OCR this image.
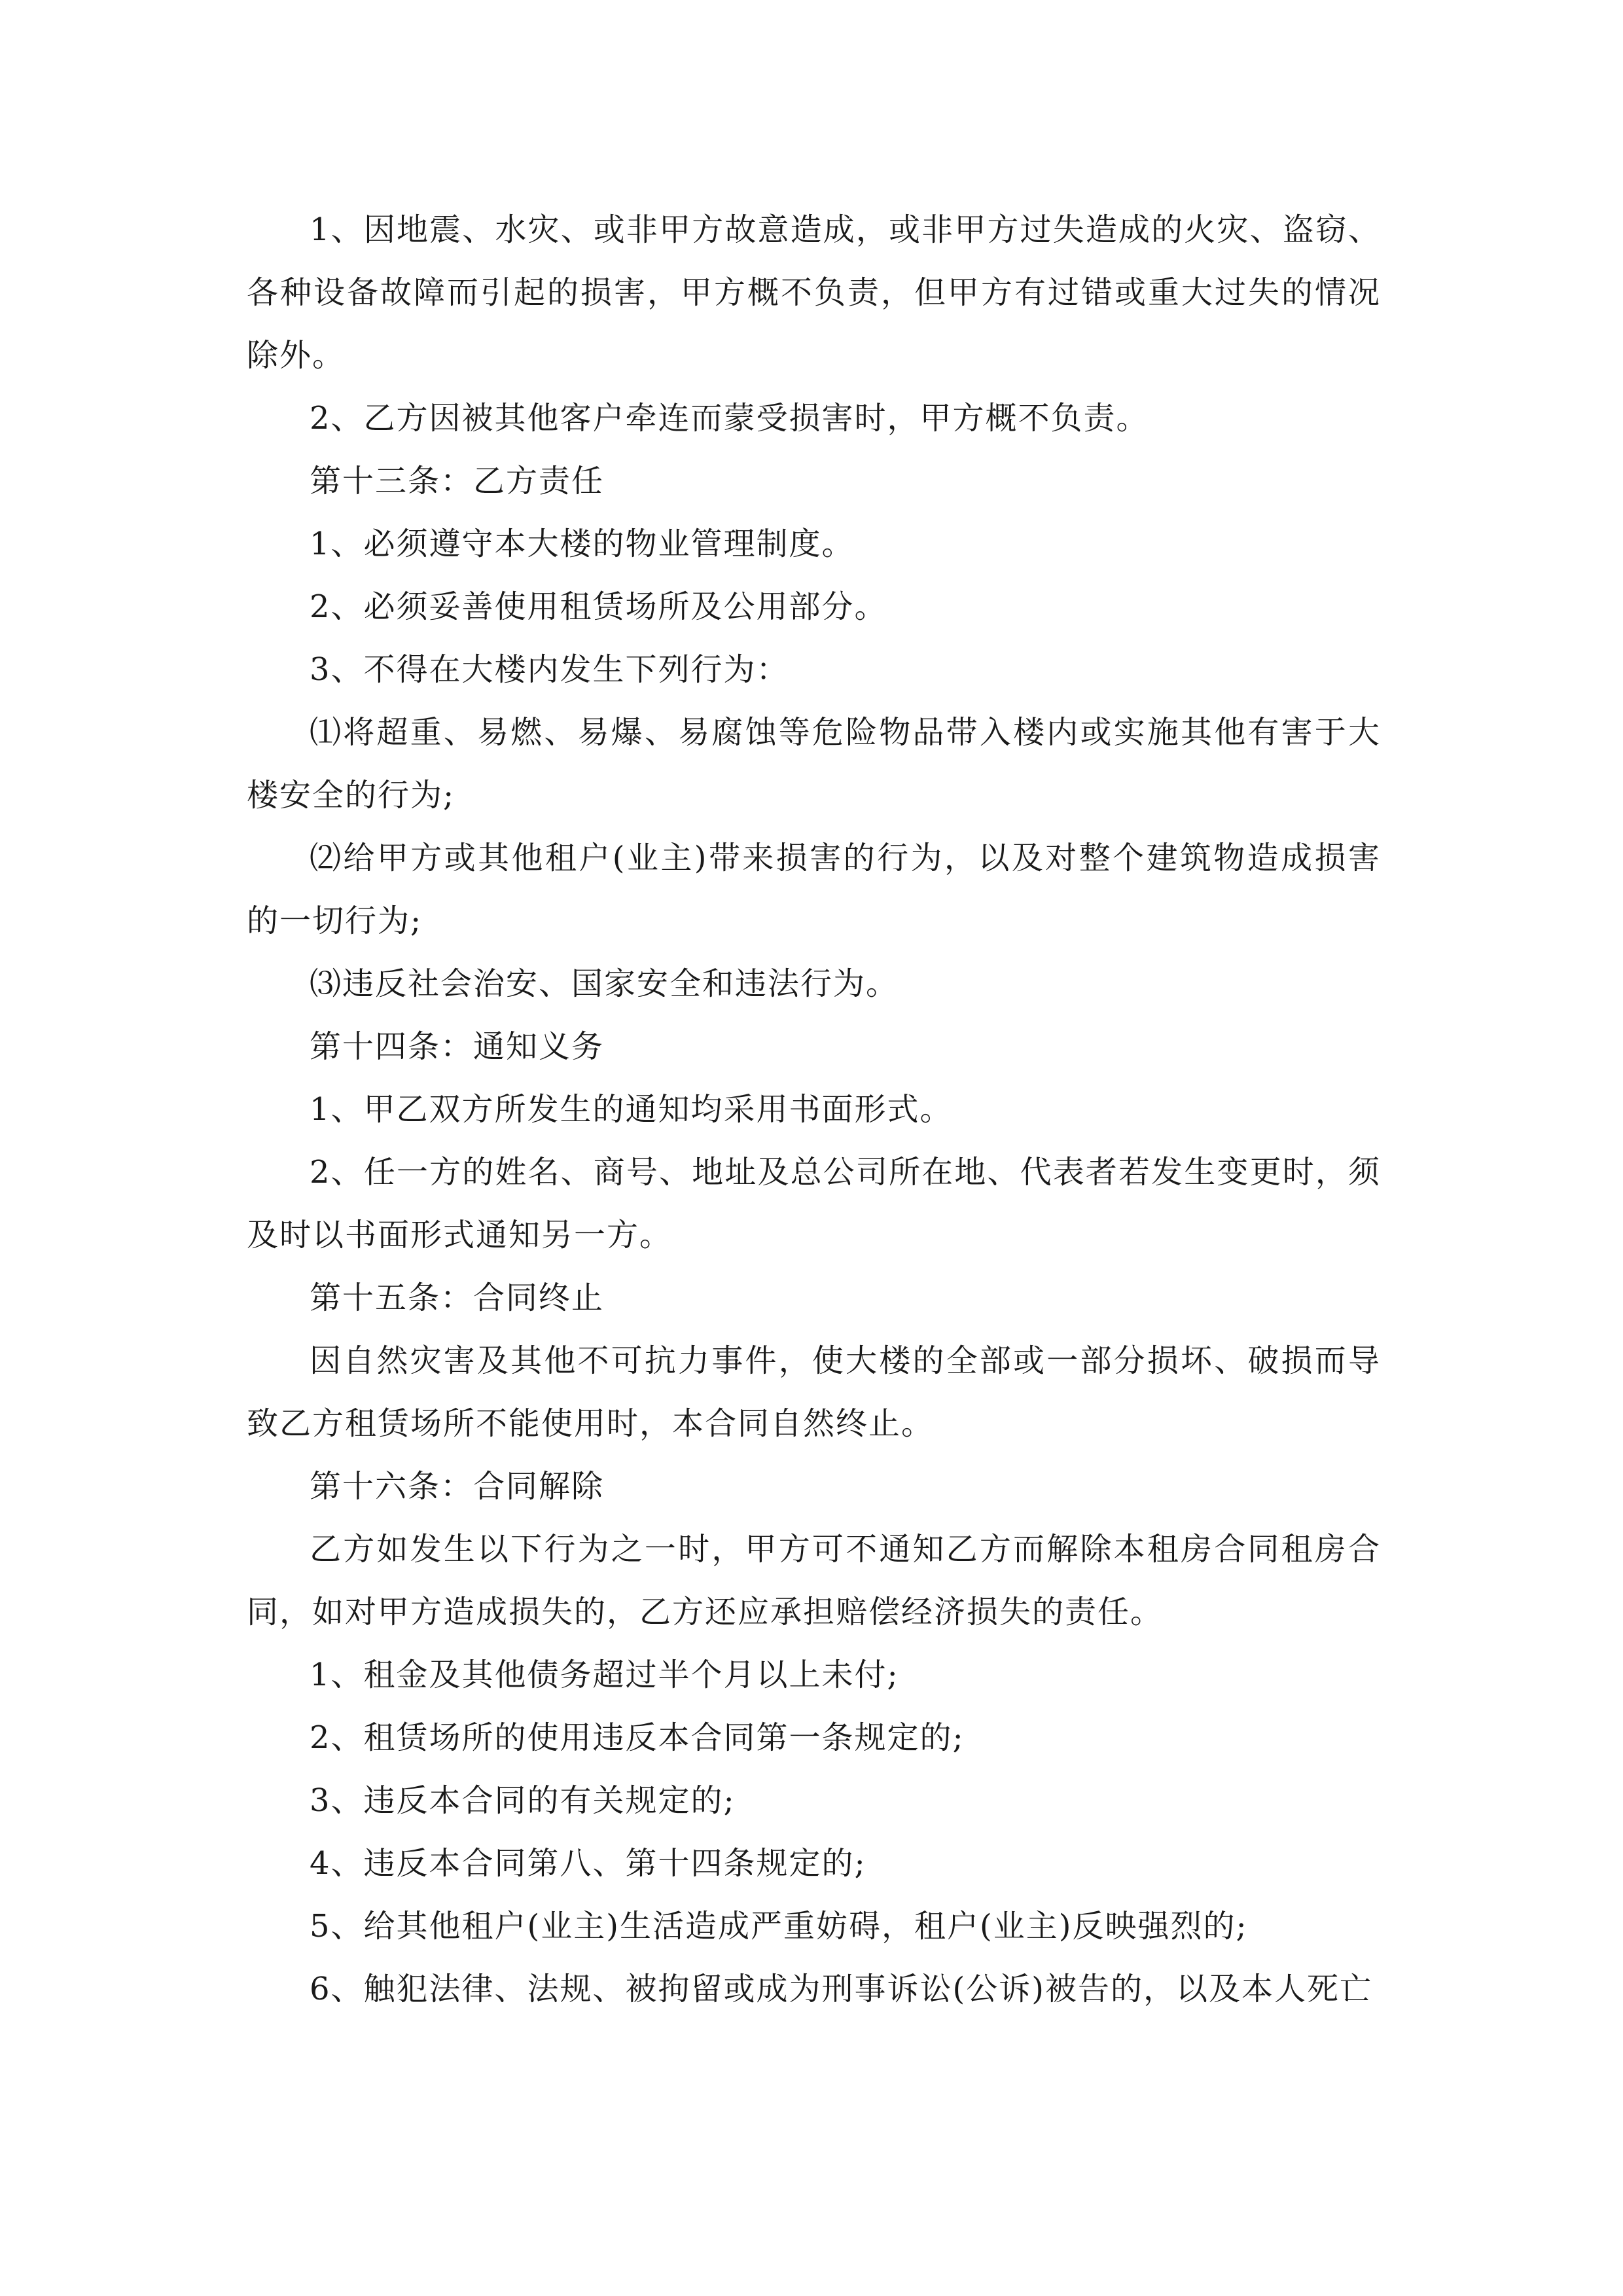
1、因地震、水灾、或非甲方故意造成，或非甲方过失造成的火灾、盗窃、各种设备故障而引起的损害，甲方概不负责，但甲方有过错或重大过失的情况除外。

2、乙方因被其他客户牵连而蒙受损害时，甲方概不负责。

第十三条：乙方责任

1、必须遵守本大楼的物业管理制度。

2、必须妥善使用租赁场所及公用部分。

3、不得在大楼内发生下列行为：

⑴将超重、易燃、易爆、易腐蚀等危险物品带入楼内或实施其他有害于大楼安全的行为;

⑵给甲方或其他租户(业主)带来损害的行为，以及对整个建筑物造成损害的一切行为;

⑶违反社会治安、国家安全和违法行为。

第十四条：通知义务

1、甲乙双方所发生的通知均采用书面形式。

2、任一方的姓名、商号、地址及总公司所在地、代表者若发生变更时，须及时以书面形式通知另一方。

第十五条：合同终止

因自然灾害及其他不可抗力事件，使大楼的全部或一部分损坏、破损而导致乙方租赁场所不能使用时，本合同自然终止。

第十六条：合同解除

乙方如发生以下行为之一时，甲方可不通知乙方而解除本租房合同租房合同，如对甲方造成损失的，乙方还应承担赔偿经济损失的责任。

1、租金及其他债务超过半个月以上未付;

2、租赁场所的使用违反本合同第一条规定的;

3、违反本合同的有关规定的;

4、违反本合同第八、第十四条规定的;

5、给其他租户(业主)生活造成严重妨碍，租户(业主)反映强烈的;

6、触犯法律、法规、被拘留或成为刑事诉讼(公诉)被告的，以及本人死亡
